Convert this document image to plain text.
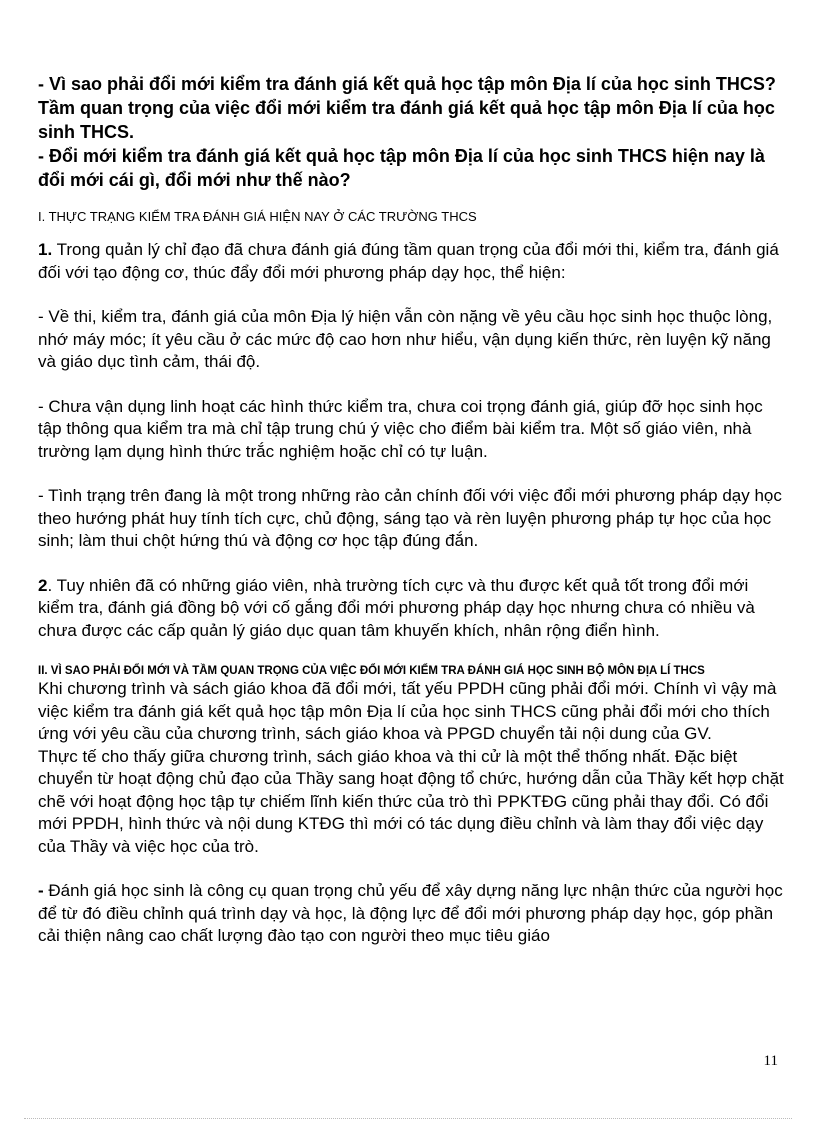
- Vì sao phải đổi mới kiểm tra đánh giá kết quả học tập môn Địa lí của học sinh THCS? Tầm quan trọng của việc đổi mới kiểm tra đánh giá kết quả học tập môn Địa lí của học sinh THCS.

- Đổi mới kiểm tra đánh giá kết quả học tập môn Địa lí của học sinh THCS hiện nay là đổi mới cái gì, đổi mới như thế nào?

I. THỰC TRẠNG KIỂM TRA ĐÁNH GIÁ HIỆN NAY Ở CÁC TRƯỜNG THCS

1. Trong quản lý chỉ đạo đã chưa đánh giá đúng tầm quan trọng của đổi mới thi, kiểm tra, đánh giá đối với tạo động cơ, thúc đẩy đổi mới phương pháp dạy học, thể hiện:

- Về thi, kiểm tra, đánh giá của môn Địa lý hiện vẫn còn nặng về yêu cầu học sinh học thuộc lòng, nhớ máy móc; ít yêu cầu ở các mức độ cao hơn như hiểu, vận dụng kiến thức, rèn luyện kỹ năng và giáo dục tình cảm, thái độ.

- Chưa vận dụng linh hoạt các hình thức kiểm tra, chưa coi trọng đánh giá, giúp đỡ học sinh học tập thông qua kiểm tra mà chỉ tập trung chú ý việc cho điểm bài kiểm tra. Một số giáo viên, nhà trường lạm dụng hình thức trắc nghiệm hoặc chỉ có tự luận.

- Tình trạng trên đang là một trong những rào cản chính đối với việc đổi mới phương pháp dạy học theo hướng phát huy tính tích cực, chủ động, sáng tạo và rèn luyện phương pháp tự học của học sinh; làm thui chột hứng thú và động cơ học tập đúng đắn.

2. Tuy nhiên đã có những giáo viên, nhà trường tích cực và thu được kết quả tốt trong đổi mới kiểm tra, đánh giá đồng bộ với cố gắng đổi mới phương pháp dạy học nhưng chưa có nhiều và chưa được các cấp quản lý giáo dục quan tâm khuyến khích, nhân rộng điển hình.

II. VÌ SAO PHẢI ĐỔI MỚI VÀ TẦM QUAN TRỌNG CỦA VIỆC ĐỔI MỚI KIỂM TRA ĐÁNH GIÁ HỌC SINH BỘ MÔN ĐỊA LÍ THCS

Khi chương trình và sách giáo khoa đã đổi mới, tất yếu PPDH cũng phải đổi mới. Chính vì vậy mà việc kiểm tra đánh giá kết quả học tập môn Địa lí của học sinh THCS cũng phải đổi mới cho thích ứng với yêu cầu của chương trình, sách giáo khoa và PPGD chuyển tải nội dung của GV.

Thực tế cho thấy giữa chương trình, sách giáo khoa và thi cử là một thể thống nhất. Đặc biệt chuyển từ hoạt động chủ đạo của Thầy sang hoạt động tổ chức, hướng dẫn của Thầy kết hợp chặt chẽ với hoạt động học tập tự chiếm lĩnh kiến thức của trò thì PPKTĐG cũng phải thay đổi. Có đổi mới PPDH, hình thức và nội dung KTĐG thì mới có tác dụng điều chỉnh và làm thay đổi việc dạy của Thầy và việc học của trò.

- Đánh giá học sinh là công cụ quan trọng chủ yếu để xây dựng năng lực nhận thức của người học để từ đó điều chỉnh quá trình dạy và học, là động lực để đổi mới phương pháp dạy học, góp phần cải thiện nâng cao chất lượng đào tạo con người theo mục tiêu giáo

11
